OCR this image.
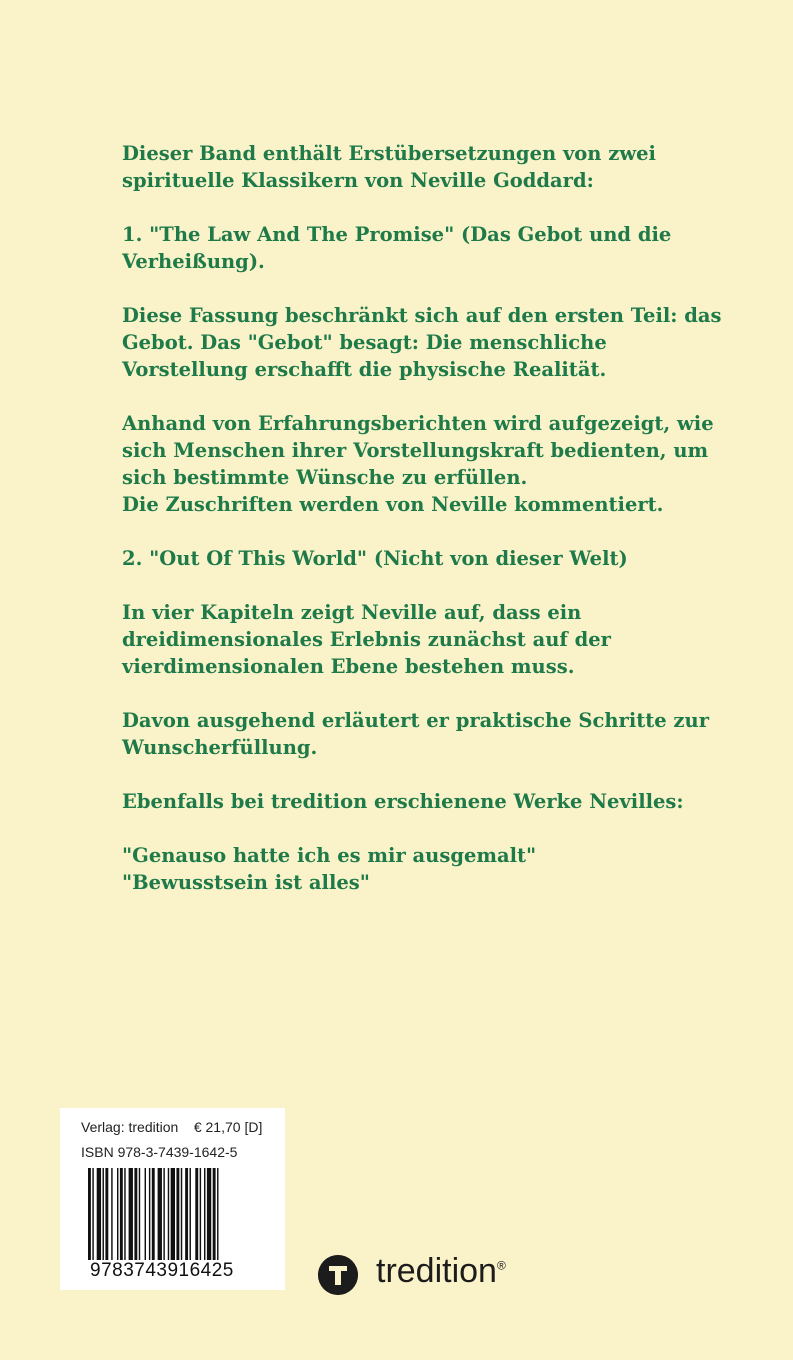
Dieser Band enthält Erstübersetzungen von zwei
spirituelle Klassikern von Neville Goddard:

1. "The Law And The Promise" (Das Gebot und die
Verheißung).

Diese Fassung beschränkt sich auf den ersten Teil: das
Gebot. Das "Gebot" besagt: Die menschliche
Vorstellung erschafft die physische Realität.

Anhand von Erfahrungsberichten wird aufgezeigt, wie
sich Menschen ihrer Vorstellungskraft bedienten, um
sich bestimmte Wünsche zu erfüllen.
Die Zuschriften werden von Neville kommentiert.

2. "Out Of This World" (Nicht von dieser Welt)

In vier Kapiteln zeigt Neville auf, dass ein
dreidimensionales Erlebnis zunächst auf der
vierdimensionalen Ebene bestehen muss.

Davon ausgehend erläutert er praktische Schritte zur
Wunscherfüllung.

Ebenfalls bei tredition erschienene Werke Nevilles:

"Genauso hatte ich es mir ausgemalt"
"Bewusstsein ist alles"

Verlag: tredition    € 21,70 [D]
ISBN 978-3-7439-1642-5
9783743916425	tredition®
